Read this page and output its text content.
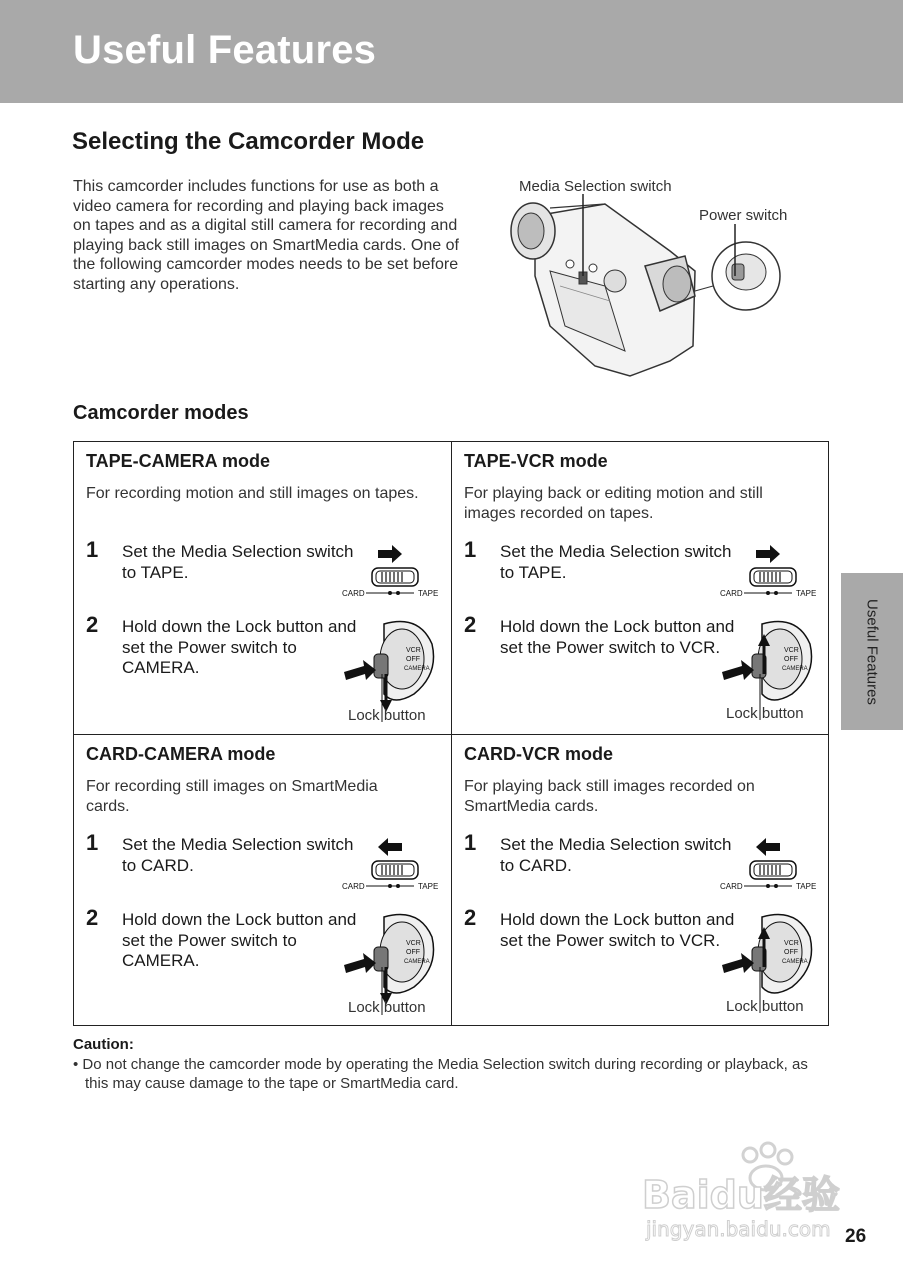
Useful Features
Selecting the Camcorder Mode

This camcorder includes functions for use as both a video camera for recording and playing back images on tapes and as a digital still camera for recording and playing back still images on SmartMedia cards. One of the following camcorder modes needs to be set before starting any operations.

Media Selection switch
Power switch
Camcorder modes
TAPE-CAMERA mode

For recording motion and still images on tapes.

1 Set the Media Selection switch to TAPE.

CARD	TAPE
2 Hold down the Lock button and set the Power switch to CAMERA.

VCR
OFF
CAMERA
Lock button
TAPE-VCR mode

For playing back or editing motion and still images recorded on tapes.

1 Set the Media Selection switch to TAPE.

CARD	TAPE
2 Hold down the Lock button and set the Power switch to VCR.	VCR
OFF
CAMERA
Lock button
CARD-CAMERA mode

For recording still images on SmartMedia cards.

1 Set the Media Selection switch to CARD.

CARD	TAPE
2 Hold down the Lock button and set the Power switch to CAMERA.

VCR
OFF
CAMERA
Lock button
CARD-VCR mode

For playing back still images recorded on SmartMedia cards.

1 Set the Media Selection switch to CARD.

CARD	TAPE
2 Hold down the Lock button and set the Power switch to VCR.	VCR
OFF
CAMERA
Lock button

Caution:

• Do not change the camcorder mode by operating the Media Selection switch during recording or playback, as this may cause damage to the tape or SmartMedia card.

Useful Features
Baidu经验
jingyan.baidu.com 26
